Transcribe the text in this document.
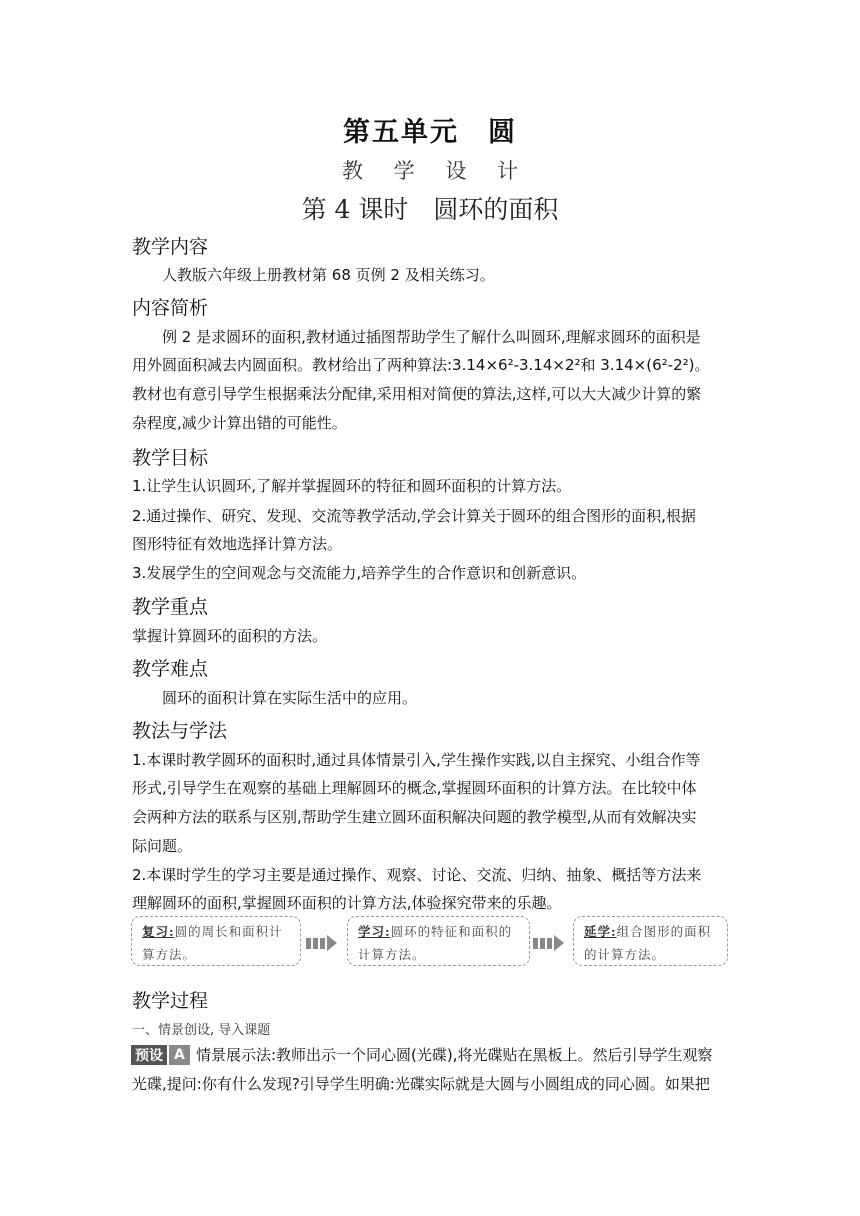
第五单元　圆
教 学 设 计
第 4 课时　圆环的面积
教学内容
人教版六年级上册教材第 68 页例 2 及相关练习。
内容简析
例 2 是求圆环的面积,教材通过插图帮助学生了解什么叫圆环,理解求圆环的面积是
用外圆面积减去内圆面积。教材给出了两种算法:3.14×6²-3.14×2²和 3.14×(6²-2²)。
教材也有意引导学生根据乘法分配律,采用相对简便的算法,这样,可以大大减少计算的繁
杂程度,减少计算出错的可能性。
教学目标
1.让学生认识圆环,了解并掌握圆环的特征和圆环面积的计算方法。
2.通过操作、研究、发现、交流等教学活动,学会计算关于圆环的组合图形的面积,根据
图形特征有效地选择计算方法。
3.发展学生的空间观念与交流能力,培养学生的合作意识和创新意识。
教学重点
掌握计算圆环的面积的方法。
教学难点
圆环的面积计算在实际生活中的应用。
教法与学法
1.本课时教学圆环的面积时,通过具体情景引入,学生操作实践,以自主探究、小组合作等
形式,引导学生在观察的基础上理解圆环的概念,掌握圆环面积的计算方法。在比较中体
会两种方法的联系与区别,帮助学生建立圆环面积解决问题的教学模型,从而有效解决实
际问题。
2.本课时学生的学习主要是通过操作、观察、讨论、交流、归纳、抽象、概括等方法来
理解圆环的面积,掌握圆环面积的计算方法,体验探究带来的乐趣。
复习:圆的周长和面积计
算方法。
学习:圆环的特征和面积的
计算方法。
延学:组合图形的面积
的计算方法。
教学过程
一、情景创设, 导入课题
预设 A 情景展示法:教师出示一个同心圆(光碟),将光碟贴在黑板上。然后引导学生观察
光碟,提问:你有什么发现?引导学生明确:光碟实际就是大圆与小圆组成的同心圆。如果把
